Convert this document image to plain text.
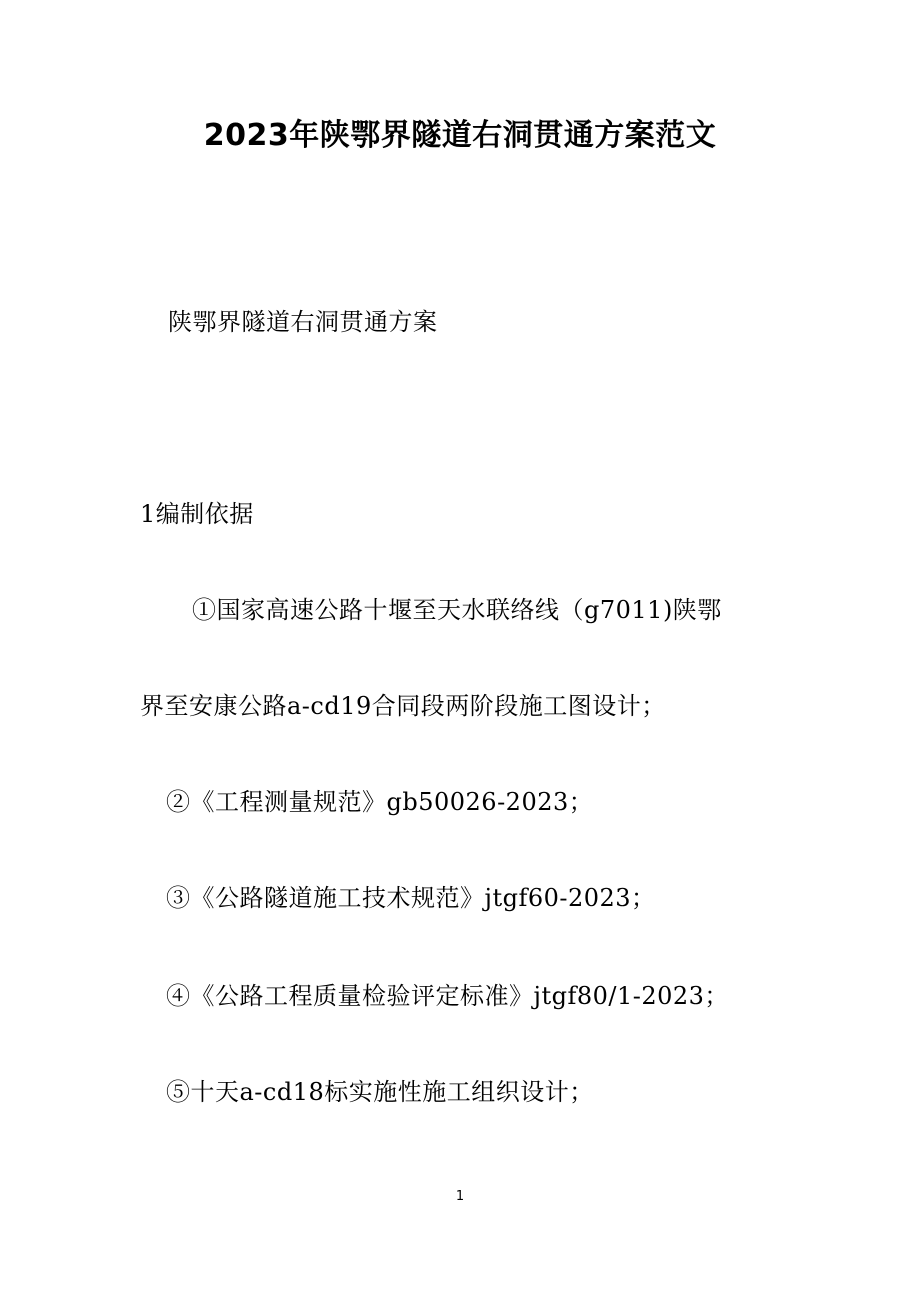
2023年陕鄂界隧道右洞贯通方案范文
陕鄂界隧道右洞贯通方案
1编制依据
①国家高速公路十堰至天水联络线（g7011)陕鄂
界至安康公路a-cd19合同段两阶段施工图设计；
②《工程测量规范》gb50026-2023；
③《公路隧道施工技术规范》jtgf60-2023；
④《公路工程质量检验评定标准》jtgf80/1-2023；
⑤十天a-cd18标实施性施工组织设计；
1
